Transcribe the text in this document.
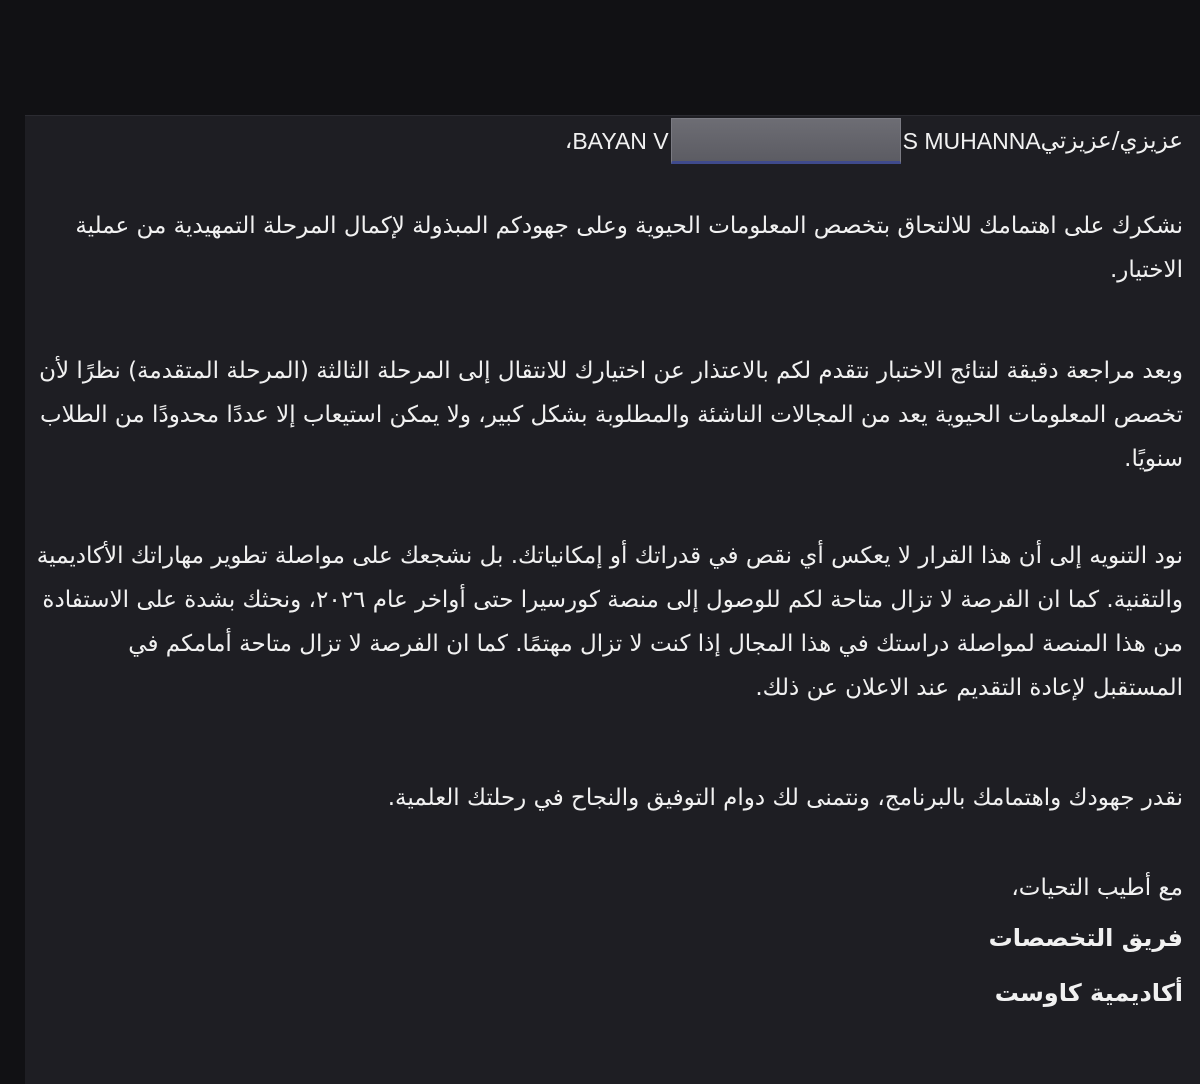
عزيزي/عزيزتي
BAYAN
V	S
MUHANNA
،

نشكرك على اهتمامك للالتحاق بتخصص المعلومات الحيوية وعلى جهودكم المبذولة لإكمال المرحلة التمهيدية من عملية الاختيار.

وبعد مراجعة دقيقة لنتائج الاختبار نتقدم لكم بالاعتذار عن اختيارك للانتقال إلى المرحلة الثالثة (المرحلة المتقدمة) نظرًا لأن تخصص المعلومات الحيوية يعد من المجالات الناشئة والمطلوبة بشكل كبير، ولا يمكن استيعاب إلا عددًا محدودًا من الطلاب سنويًا.

نود التنويه إلى أن هذا القرار لا يعكس أي نقص في قدراتك أو إمكانياتك. بل نشجعك على مواصلة تطوير مهاراتك الأكاديمية والتقنية. كما ان الفرصة لا تزال متاحة لكم للوصول إلى منصة كورسيرا حتى أواخر عام ٢٠٢٦، ونحثك بشدة على الاستفادة من هذا المنصة لمواصلة دراستك في هذا المجال إذا كنت لا تزال مهتمًا. كما ان الفرصة لا تزال متاحة أمامكم في المستقبل لإعادة التقديم عند الاعلان عن ذلك.

نقدر جهودك واهتمامك بالبرنامج، ونتمنى لك دوام التوفيق والنجاح في رحلتك العلمية.

مع أطيب التحيات،

فريق التخصصات

أكاديمية كاوست
